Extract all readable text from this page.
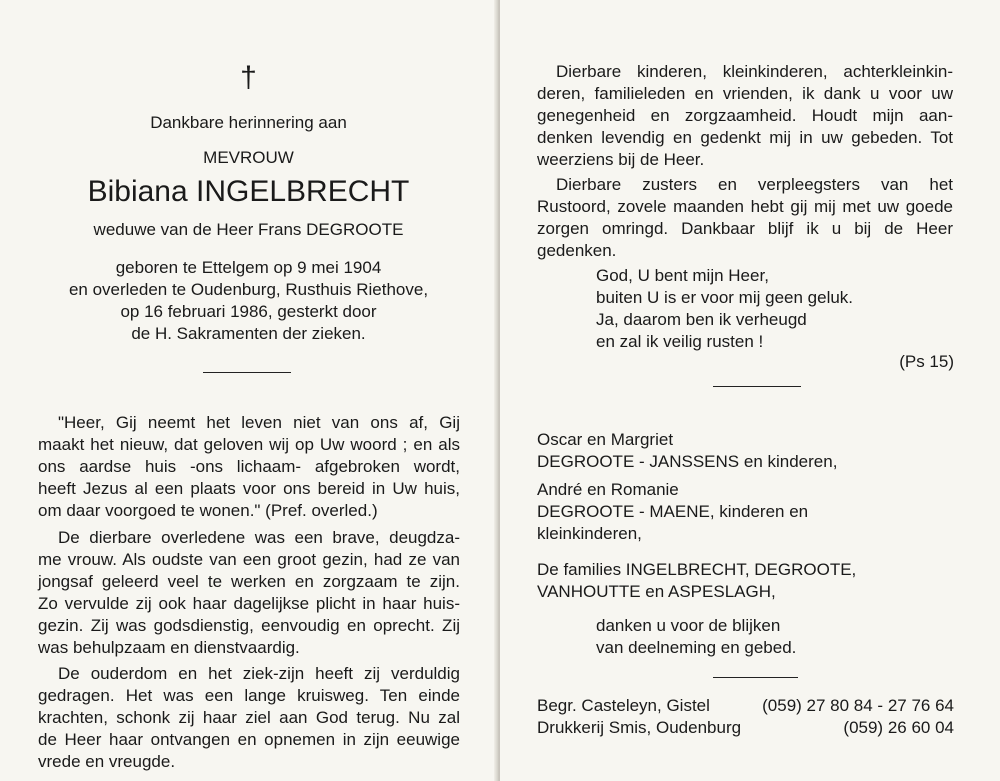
†
Dankbare herinnering aan
MEVROUW
Bibiana INGELBRECHT
weduwe van de Heer Frans DEGROOTE
geboren te Ettelgem op 9 mei 1904
en overleden te Oudenburg, Rusthuis Riethove,
op 16 februari 1986, gesterkt door
de H. Sakramenten der zieken.
"Heer, Gij neemt het leven niet van ons af, Gij
maakt het nieuw, dat geloven wij op Uw woord ; en als
ons aardse huis -ons lichaam- afgebroken wordt,
heeft Jezus al een plaats voor ons bereid in Uw huis,
om daar voorgoed te wonen." (Pref. overled.)
De dierbare overledene was een brave, deugdza-
me vrouw. Als oudste van een groot gezin, had ze van
jongsaf geleerd veel te werken en zorgzaam te zijn.
Zo vervulde zij ook haar dagelijkse plicht in haar huis-
gezin. Zij was godsdienstig, eenvoudig en oprecht. Zij
was behulpzaam en dienstvaardig.
De ouderdom en het ziek-zijn heeft zij verduldig
gedragen. Het was een lange kruisweg. Ten einde
krachten, schonk zij haar ziel aan God terug. Nu zal
de Heer haar ontvangen en opnemen in zijn eeuwige
vrede en vreugde.
Dierbare kinderen, kleinkinderen, achterkleinkin-
deren, familieleden en vrienden, ik dank u voor uw
genegenheid en zorgzaamheid. Houdt mijn aan-
denken levendig en gedenkt mij in uw gebeden. Tot
weerziens bij de Heer.
Dierbare zusters en verpleegsters van het
Rustoord, zovele maanden hebt gij mij met uw goede
zorgen omringd. Dankbaar blijf ik u bij de Heer
gedenken.
God, U bent mijn Heer,
buiten U is er voor mij geen geluk.
Ja, daarom ben ik verheugd
en zal ik veilig rusten !
(Ps 15)
Oscar en Margriet
DEGROOTE - JANSSENS en kinderen,
André en Romanie
DEGROOTE - MAENE, kinderen en
kleinkinderen,
De families INGELBRECHT, DEGROOTE,
VANHOUTTE en ASPESLAGH,
danken u voor de blijken
van deelneming en gebed.
Begr. Casteleyn, Gistel	(059) 27 80 84 - 27 76 64
Drukkerij Smis, Oudenburg	(059) 26 60 04
